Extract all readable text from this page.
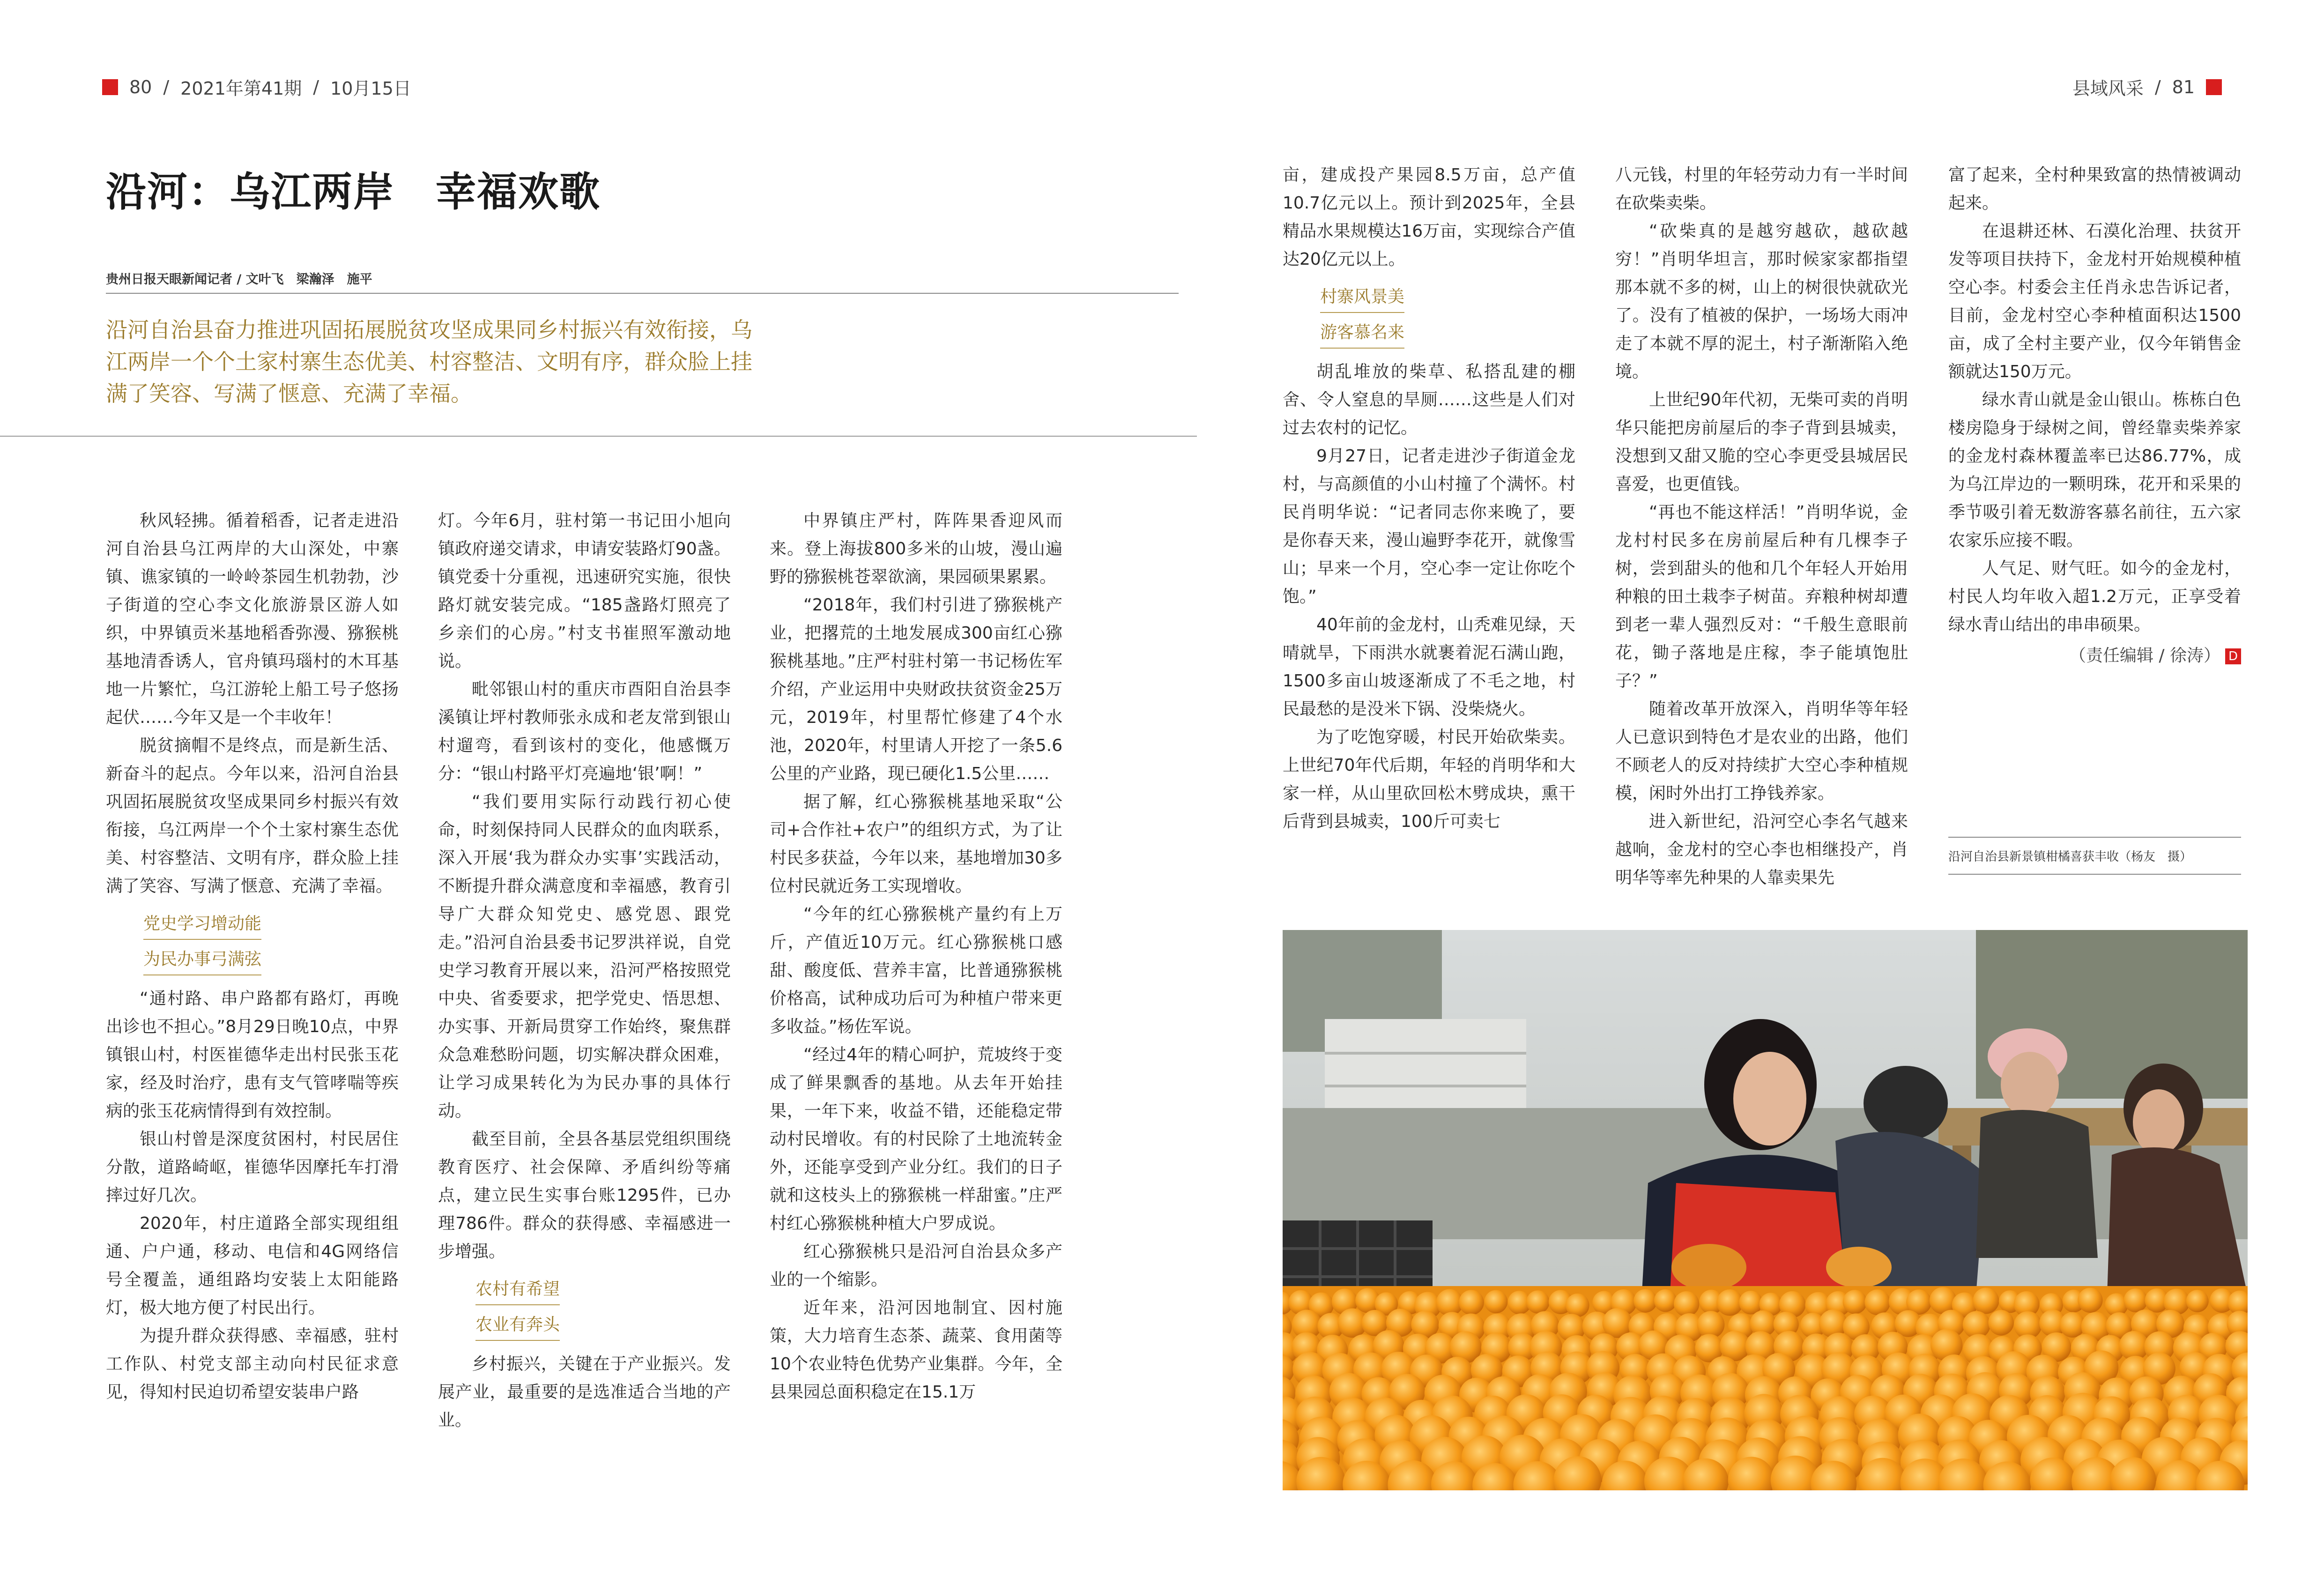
80 / 2021年第41期 / 10月15日	县域风采 / 81
沿河：乌江两岸　幸福欢歌
贵州日报天眼新闻记者 / 文叶飞　梁瀚泽　施平
沿河自治县奋力推进巩固拓展脱贫攻坚成果同乡村振兴有效衔接，乌江两岸一个个土家村寨生态优美、村容整洁、文明有序，群众脸上挂满了笑容、写满了惬意、充满了幸福。

秋风轻拂。循着稻香，记者走进沿河自治县乌江两岸的大山深处，中寨镇、谯家镇的一岭岭茶园生机勃勃，沙子街道的空心李文化旅游景区游人如织，中界镇贡米基地稻香弥漫、猕猴桃基地清香诱人，官舟镇玛瑙村的木耳基地一片繁忙，乌江游轮上船工号子悠扬起伏……今年又是一个丰收年！

脱贫摘帽不是终点，而是新生活、新奋斗的起点。今年以来，沿河自治县巩固拓展脱贫攻坚成果同乡村振兴有效衔接，乌江两岸一个个土家村寨生态优美、村容整洁、文明有序，群众脸上挂满了笑容、写满了惬意、充满了幸福。

党史学习增动能
为民办事弓满弦

“通村路、串户路都有路灯，再晚出诊也不担心。”8月29日晚10点，中界镇银山村，村医崔德华走出村民张玉花家，经及时治疗，患有支气管哮喘等疾病的张玉花病情得到有效控制。

银山村曾是深度贫困村，村民居住分散，道路崎岖，崔德华因摩托车打滑摔过好几次。

2020年，村庄道路全部实现组组通、户户通，移动、电信和4G网络信号全覆盖，通组路均安装上太阳能路灯，极大地方便了村民出行。

为提升群众获得感、幸福感，驻村工作队、村党支部主动向村民征求意见，得知村民迫切希望安装串户路

灯。今年6月，驻村第一书记田小旭向镇政府递交请求，申请安装路灯90盏。镇党委十分重视，迅速研究实施，很快路灯就安装完成。“185盏路灯照亮了乡亲们的心房。”村支书崔照军激动地说。

毗邻银山村的重庆市酉阳自治县李溪镇让坪村教师张永成和老友常到银山村遛弯，看到该村的变化，他感慨万分：“银山村路平灯亮遍地‘银’啊！”

“我们要用实际行动践行初心使命，时刻保持同人民群众的血肉联系，深入开展‘我为群众办实事’实践活动，不断提升群众满意度和幸福感，教育引导广大群众知党史、感党恩、跟党走。”沿河自治县委书记罗洪祥说，自党史学习教育开展以来，沿河严格按照党中央、省委要求，把学党史、悟思想、办实事、开新局贯穿工作始终，聚焦群众急难愁盼问题，切实解决群众困难，让学习成果转化为为民办事的具体行动。

截至目前，全县各基层党组织围绕教育医疗、社会保障、矛盾纠纷等痛点，建立民生实事台账1295件，已办理786件。群众的获得感、幸福感进一步增强。

农村有希望
农业有奔头

乡村振兴，关键在于产业振兴。发展产业，最重要的是选准适合当地的产业。

中界镇庄严村，阵阵果香迎风而来。登上海拔800多米的山坡，漫山遍野的猕猴桃苍翠欲滴，果园硕果累累。

“2018年，我们村引进了猕猴桃产业，把撂荒的土地发展成300亩红心猕猴桃基地。”庄严村驻村第一书记杨佐军介绍，产业运用中央财政扶贫资金25万元，2019年，村里帮忙修建了4个水池，2020年，村里请人开挖了一条5.6公里的产业路，现已硬化1.5公里……

据了解，红心猕猴桃基地采取“公司+合作社+农户”的组织方式，为了让村民多获益，今年以来，基地增加30多位村民就近务工实现增收。

“今年的红心猕猴桃产量约有上万斤，产值近10万元。红心猕猴桃口感甜、酸度低、营养丰富，比普通猕猴桃价格高，试种成功后可为种植户带来更多收益。”杨佐军说。

“经过4年的精心呵护，荒坡终于变成了鲜果飘香的基地。从去年开始挂果，一年下来，收益不错，还能稳定带动村民增收。有的村民除了土地流转金外，还能享受到产业分红。我们的日子就和这枝头上的猕猴桃一样甜蜜。”庄严村红心猕猴桃种植大户罗成说。

红心猕猴桃只是沿河自治县众多产业的一个缩影。

近年来，沿河因地制宜、因村施策，大力培育生态茶、蔬菜、食用菌等10个农业特色优势产业集群。今年，全县果园总面积稳定在15.1万

亩，建成投产果园8.5万亩，总产值10.7亿元以上。预计到2025年，全县精品水果规模达16万亩，实现综合产值达20亿元以上。

村寨风景美
游客慕名来

胡乱堆放的柴草、私搭乱建的棚舍、令人窒息的旱厕……这些是人们对过去农村的记忆。

9月27日，记者走进沙子街道金龙村，与高颜值的小山村撞了个满怀。村民肖明华说：“记者同志你来晚了，要是你春天来，漫山遍野李花开，就像雪山；早来一个月，空心李一定让你吃个饱。”

40年前的金龙村，山秃难见绿，天晴就旱，下雨洪水就裹着泥石满山跑，1500多亩山坡逐渐成了不毛之地，村民最愁的是没米下锅、没柴烧火。

为了吃饱穿暖，村民开始砍柴卖。上世纪70年代后期，年轻的肖明华和大家一样，从山里砍回松木劈成块，熏干后背到县城卖，100斤可卖七

八元钱，村里的年轻劳动力有一半时间在砍柴卖柴。

“砍柴真的是越穷越砍，越砍越穷！”肖明华坦言，那时候家家都指望那本就不多的树，山上的树很快就砍光了。没有了植被的保护，一场场大雨冲走了本就不厚的泥土，村子渐渐陷入绝境。

上世纪90年代初，无柴可卖的肖明华只能把房前屋后的李子背到县城卖，没想到又甜又脆的空心李更受县城居民喜爱，也更值钱。

“再也不能这样活！”肖明华说，金龙村村民多在房前屋后种有几棵李子树，尝到甜头的他和几个年轻人开始用种粮的田土栽李子树苗。弃粮种树却遭到老一辈人强烈反对：“千般生意眼前花，锄子落地是庄稼，李子能填饱肚子？”

随着改革开放深入，肖明华等年轻人已意识到特色才是农业的出路，他们不顾老人的反对持续扩大空心李种植规模，闲时外出打工挣钱养家。

进入新世纪，沿河空心李名气越来越响，金龙村的空心李也相继投产，肖明华等率先种果的人靠卖果先

富了起来，全村种果致富的热情被调动起来。

在退耕还林、石漠化治理、扶贫开发等项目扶持下，金龙村开始规模种植空心李。村委会主任肖永忠告诉记者，目前，金龙村空心李种植面积达1500亩，成了全村主要产业，仅今年销售金额就达150万元。

绿水青山就是金山银山。栋栋白色楼房隐身于绿树之间，曾经靠卖柴养家的金龙村森林覆盖率已达86.77%，成为乌江岸边的一颗明珠，花开和采果的季节吸引着无数游客慕名前往，五六家农家乐应接不暇。

人气足、财气旺。如今的金龙村，村民人均年收入超1.2万元，正享受着绿水青山结出的串串硕果。

（责任编辑 / 徐涛） D
沿河自治县新景镇柑橘喜获丰收（杨友　摄）
